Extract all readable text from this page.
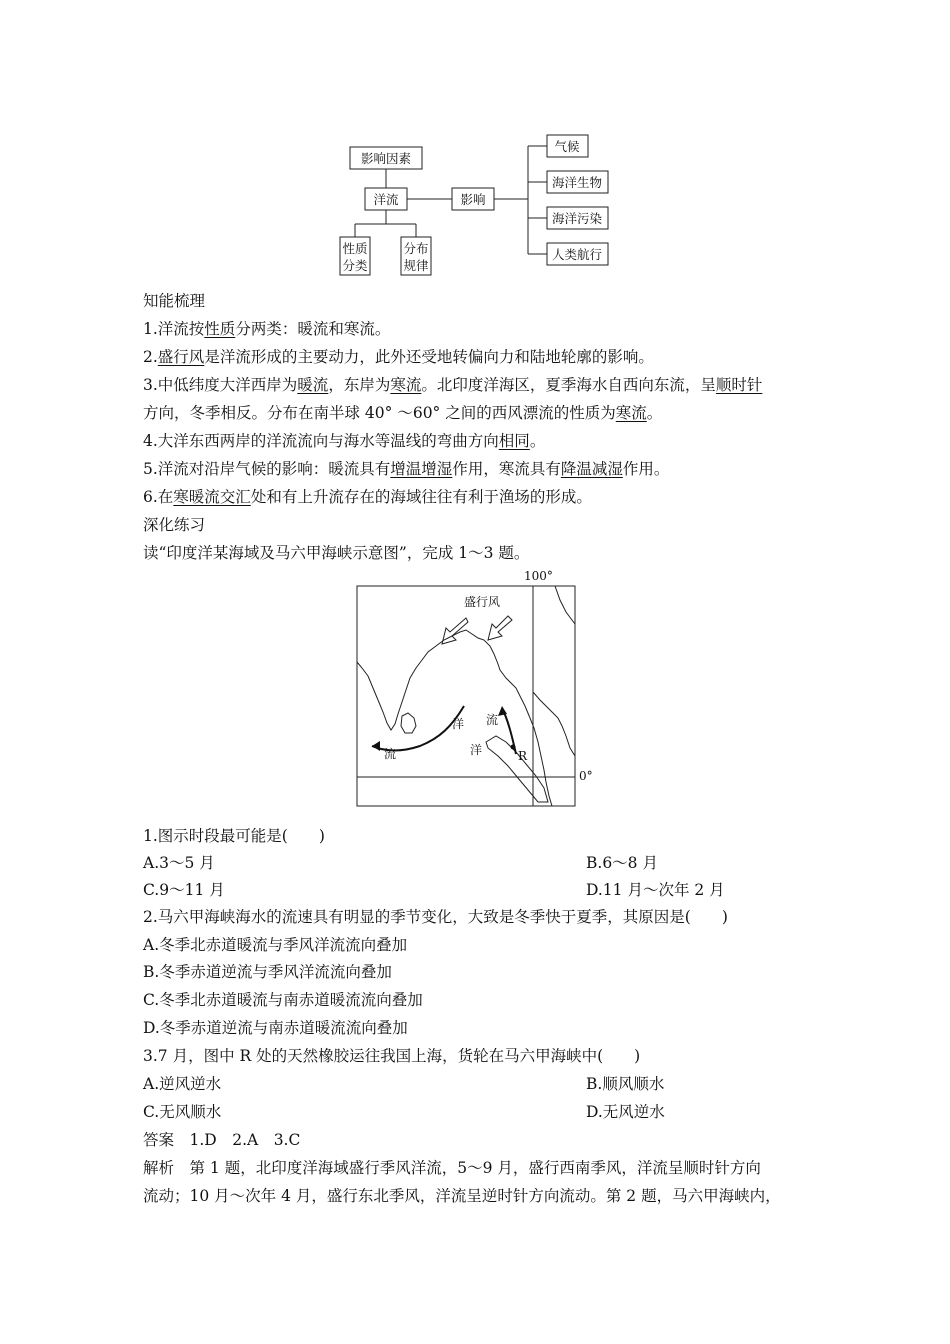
影响因素
洋流	影响
性质
分类
分布
规律
气候
海洋生物
海洋污染
人类航行
知能梳理
1.洋流按性质分两类：暖流和寒流。
2.盛行风是洋流形成的主要动力，此外还受地转偏向力和陆地轮廓的影响。
3.中低纬度大洋西岸为暖流，东岸为寒流。北印度洋海区，夏季海水自西向东流，呈顺时针
方向，冬季相反。分布在南半球 40° ～60° 之间的西风漂流的性质为寒流。
4.大洋东西两岸的洋流流向与海水等温线的弯曲方向相同。
5.洋流对沿岸气候的影响：暖流具有增温增湿作用，寒流具有降温减湿作用。
6.在寒暖流交汇处和有上升流存在的海域往往有利于渔场的形成。
深化练习
读“印度洋某海域及马六甲海峡示意图”，完成 1～3 题。
100°
0°
盛行风
洋
流
流
洋	R
1.图示时段最可能是(　　)
A.3～5 月	B.6～8 月
C.9～11 月	D.11 月～次年 2 月
2.马六甲海峡海水的流速具有明显的季节变化，大致是冬季快于夏季，其原因是(　　)
A.冬季北赤道暖流与季风洋流流向叠加
B.冬季赤道逆流与季风洋流流向叠加
C.冬季北赤道暖流与南赤道暖流流向叠加
D.冬季赤道逆流与南赤道暖流流向叠加
3.7 月，图中 R 处的天然橡胶运往我国上海，货轮在马六甲海峡中(　　)
A.逆风逆水	B.顺风顺水
C.无风顺水	D.无风逆水
答案　1.D　2.A　3.C
解析　第 1 题，北印度洋海域盛行季风洋流，5～9 月，盛行西南季风，洋流呈顺时针方向
流动；10 月～次年 4 月，盛行东北季风，洋流呈逆时针方向流动。第 2 题，马六甲海峡内，
